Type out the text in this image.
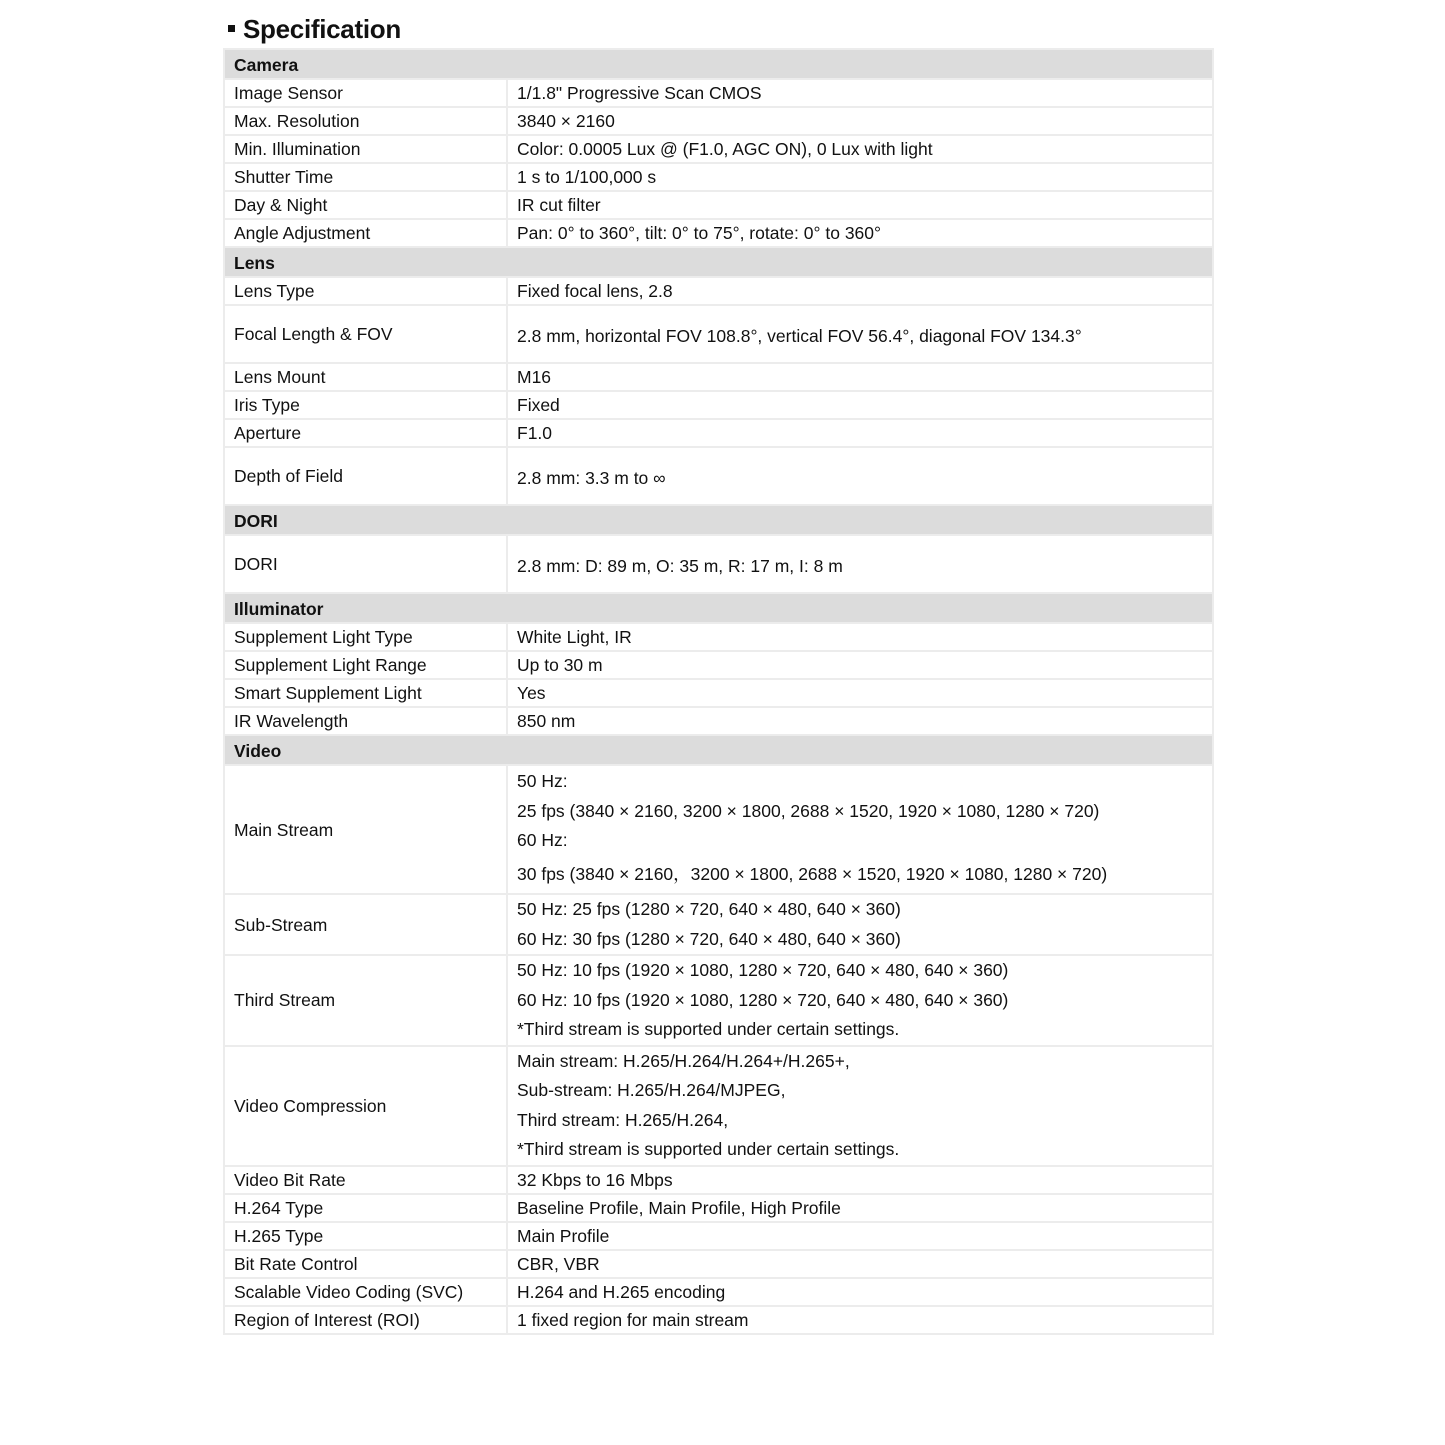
Specification
Camera	
Image Sensor	1/1.8" Progressive Scan CMOS
Max. Resolution	3840 × 2160
Min. Illumination	Color: 0.0005 Lux @ (F1.0, AGC ON), 0 Lux with light
Shutter Time	1 s to 1/100,000 s
Day & Night	IR cut filter
Angle Adjustment	Pan: 0° to 360°, tilt: 0° to 75°, rotate: 0° to 360°
Lens	
Lens Type	Fixed focal lens, 2.8
Focal Length & FOV	2.8 mm, horizontal FOV 108.8°, vertical FOV 56.4°, diagonal FOV 134.3°

Lens Mount	M16
Iris Type	Fixed
Aperture	F1.0
Depth of Field	2.8 mm: 3.3 m to ∞

DORI	
DORI	2.8 mm: D: 89 m, O: 35 m, R: 17 m, I: 8 m

Illuminator	
Supplement Light Type	White Light, IR
Supplement Light Range	Up to 30 m
Smart Supplement Light	Yes
IR Wavelength	850 nm
Video	
Main Stream	50 Hz:
25 fps (3840 × 2160, 3200 × 1800, 2688 × 1520, 1920 × 1080, 1280 × 720)
60 Hz:
30 fps (3840 × 2160，3200 × 1800, 2688 × 1520, 1920 × 1080, 1280 × 720)

Sub-Stream	50 Hz: 25 fps (1280 × 720, 640 × 480, 640 × 360)
60 Hz: 30 fps (1280 × 720, 640 × 480, 640 × 360)

Third Stream	50 Hz: 10 fps (1920 × 1080, 1280 × 720, 640 × 480, 640 × 360)
60 Hz: 10 fps (1920 × 1080, 1280 × 720, 640 × 480, 640 × 360)
*Third stream is supported under certain settings.

Video Compression	Main stream: H.265/H.264/H.264+/H.265+,
Sub-stream: H.265/H.264/MJPEG,
Third stream: H.265/H.264,
*Third stream is supported under certain settings.

Video Bit Rate	32 Kbps to 16 Mbps
H.264 Type	Baseline Profile, Main Profile, High Profile
H.265 Type	Main Profile
Bit Rate Control	CBR, VBR
Scalable Video Coding (SVC)	H.264 and H.265 encoding
Region of Interest (ROI)	1 fixed region for main stream
